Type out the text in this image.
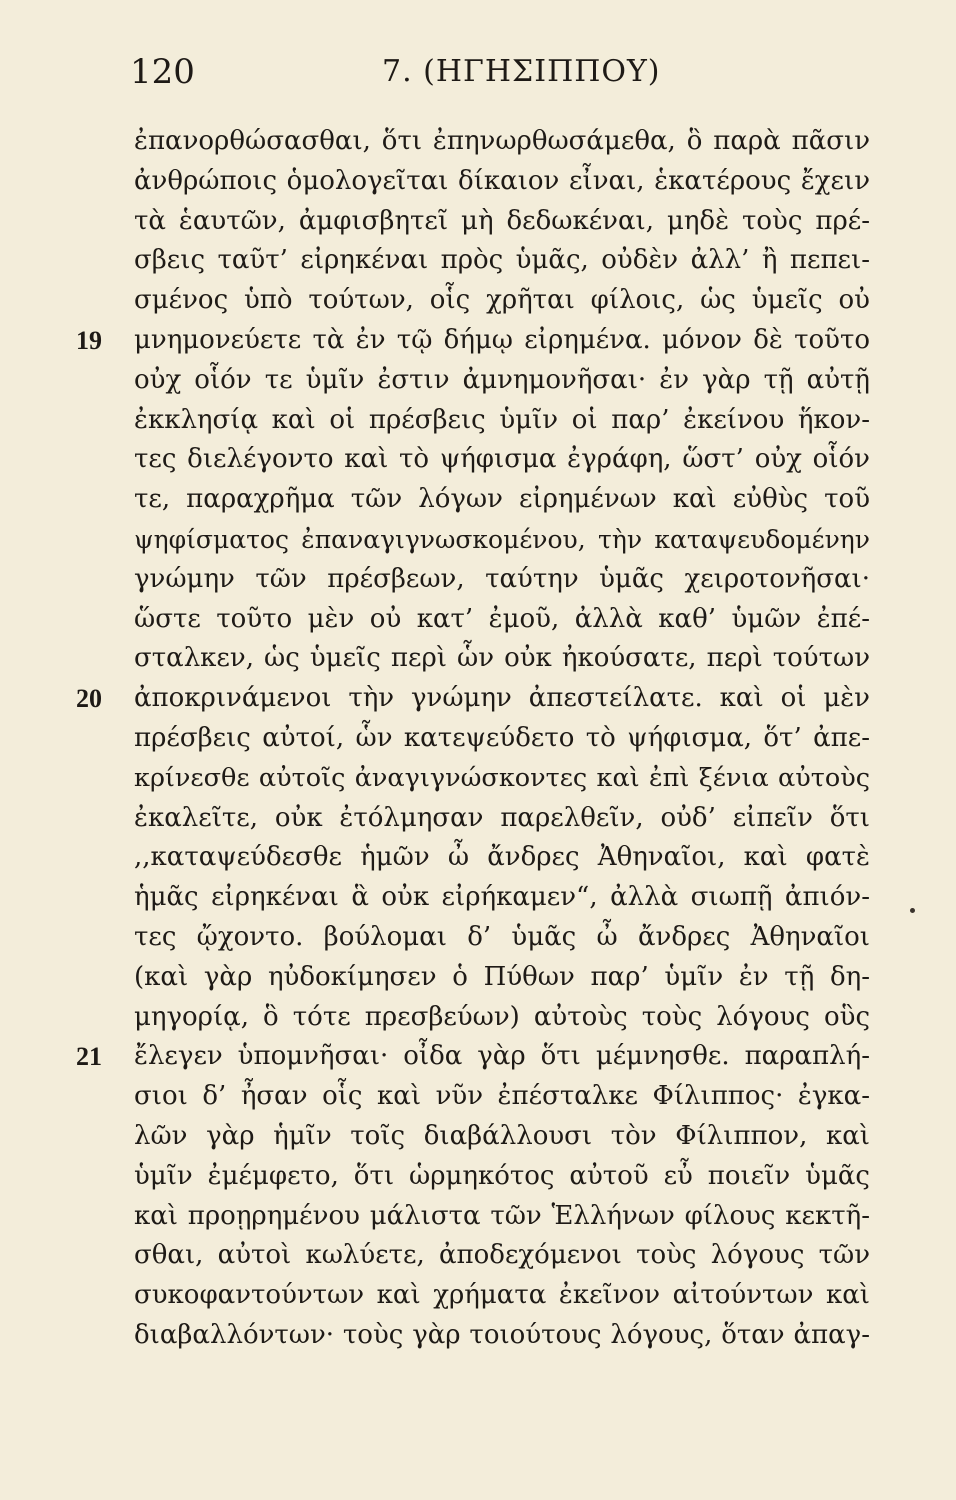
120	7. (ΗΓΗΣΙΠΠΟΥ)
ἐπανορθώσασθαι, ὅτι ἐπηνωρθωσάμεθα, ὃ παρὰ πᾶσιν
ἀνθρώποις ὁμολογεῖται δίκαιον εἶναι, ἑκατέρους ἔχειν
τὰ ἑαυτῶν, ἀμφισβητεῖ μὴ δεδωκέναι, μηδὲ τοὺς πρέ-
σβεις ταῦτ’ εἰρηκέναι πρὸς ὑμᾶς, οὐδὲν ἀλλ’ ἢ πεπει-
σμένος ὑπὸ τούτων, οἷς χρῆται φίλοις, ὡς ὑμεῖς οὐ
19	μνημονεύετε τὰ ἐν τῷ δήμῳ εἰρημένα. μόνον δὲ τοῦτο
οὐχ οἷόν τε ὑμῖν ἐστιν ἀμνημονῆσαι· ἐν γὰρ τῇ αὐτῇ
ἐκκλησίᾳ καὶ οἱ πρέσβεις ὑμῖν οἱ παρ’ ἐκείνου ἥκον-
τες διελέγοντο καὶ τὸ ψήφισμα ἐγράφη, ὥστ’ οὐχ οἷόν
τε, παραχρῆμα τῶν λόγων εἰρημένων καὶ εὐθὺς τοῦ
ψηφίσματος ἐπαναγιγνωσκομένου, τὴν καταψευδομένην
γνώμην τῶν πρέσβεων, ταύτην ὑμᾶς χειροτονῆσαι·
ὥστε τοῦτο μὲν οὐ κατ’ ἐμοῦ, ἀλλὰ καθ’ ὑμῶν ἐπέ-
σταλκεν, ὡς ὑμεῖς περὶ ὧν οὐκ ἠκούσατε, περὶ τούτων
20	ἀποκρινάμενοι τὴν γνώμην ἀπεστείλατε. καὶ οἱ μὲν
πρέσβεις αὐτοί, ὧν κατεψεύδετο τὸ ψήφισμα, ὅτ’ ἀπε-
κρίνεσθε αὐτοῖς ἀναγιγνώσκοντες καὶ ἐπὶ ξένια αὐτοὺς
ἐκαλεῖτε, οὐκ ἐτόλμησαν παρελθεῖν, οὐδ’ εἰπεῖν ὅτι
,,καταψεύδεσθε ἡμῶν ὦ ἄνδρες Ἀθηναῖοι, καὶ φατὲ
ἡμᾶς εἰρηκέναι ἃ οὐκ εἰρήκαμεν“, ἀλλὰ σιωπῇ ἀπιόν-
τες ᾤχοντο. βούλομαι δ’ ὑμᾶς ὦ ἄνδρες Ἀθηναῖοι
(καὶ γὰρ ηὐδοκίμησεν ὁ Πύθων παρ’ ὑμῖν ἐν τῇ δη-
μηγορίᾳ, ὃ τότε πρεσβεύων) αὐτοὺς τοὺς λόγους οὓς
21	ἔλεγεν ὑπομνῆσαι· οἶδα γὰρ ὅτι μέμνησθε. παραπλή-
σιοι δ’ ἦσαν οἷς καὶ νῦν ἐπέσταλκε Φίλιππος· ἐγκα-
λῶν γὰρ ἡμῖν τοῖς διαβάλλουσι τὸν Φίλιππον, καὶ
ὑμῖν ἐμέμφετο, ὅτι ὡρμηκότος αὐτοῦ εὖ ποιεῖν ὑμᾶς
καὶ προῃρημένου μάλιστα τῶν Ἑλλήνων φίλους κεκτῆ-
σθαι, αὐτοὶ κωλύετε, ἀποδεχόμενοι τοὺς λόγους τῶν
συκοφαντούντων καὶ χρήματα ἐκεῖνον αἰτούντων καὶ
διαβαλλόντων· τοὺς γὰρ τοιούτους λόγους, ὅταν ἀπαγ-
